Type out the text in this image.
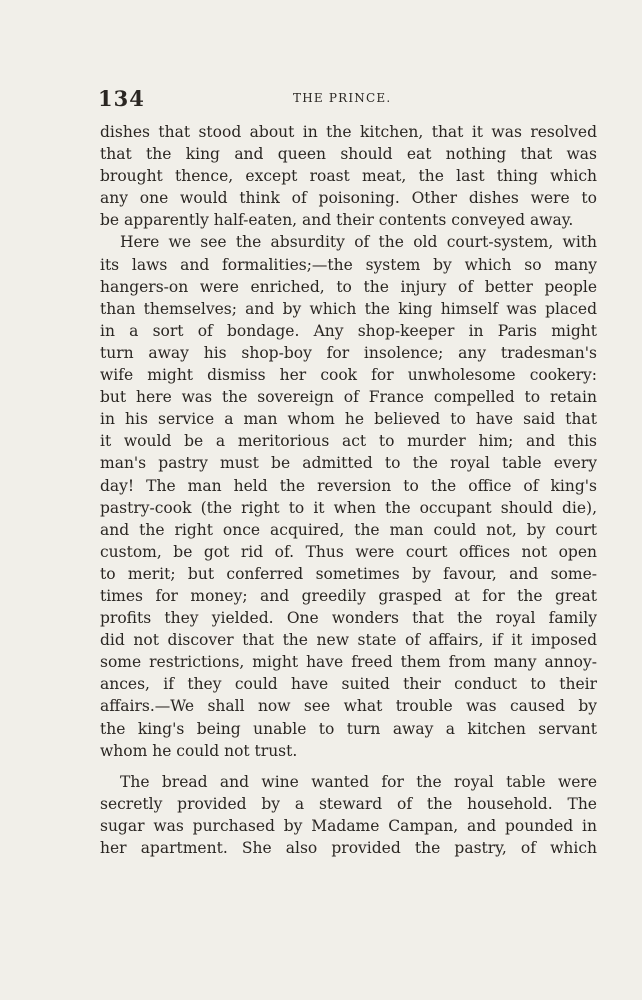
134	THE PRINCE.
dishes that stood about in the kitchen, that it was resolved
that the king and queen should eat nothing that was
brought thence, except roast meat, the last thing which
any one would think of poisoning. Other dishes were to
be apparently half-eaten, and their contents conveyed away.
Here we see the absurdity of the old court-system, with
its laws and formalities;—the system by which so many
hangers-on were enriched, to the injury of better people
than themselves; and by which the king himself was placed
in a sort of bondage. Any shop-keeper in Paris might
turn away his shop-boy for insolence; any tradesman's
wife might dismiss her cook for unwholesome cookery:
but here was the sovereign of France compelled to retain
in his service a man whom he believed to have said that
it would be a meritorious act to murder him; and this
man's pastry must be admitted to the royal table every
day! The man held the reversion to the office of king's
pastry-cook (the right to it when the occupant should die),
and the right once acquired, the man could not, by court
custom, be got rid of. Thus were court offices not open
to merit; but conferred sometimes by favour, and some-
times for money; and greedily grasped at for the great
profits they yielded. One wonders that the royal family
did not discover that the new state of affairs, if it imposed
some restrictions, might have freed them from many annoy-
ances, if they could have suited their conduct to their
affairs.—We shall now see what trouble was caused by
the king's being unable to turn away a kitchen servant
whom he could not trust.
The bread and wine wanted for the royal table were
secretly provided by a steward of the household. The
sugar was purchased by Madame Campan, and pounded in
her apartment. She also provided the pastry, of which
